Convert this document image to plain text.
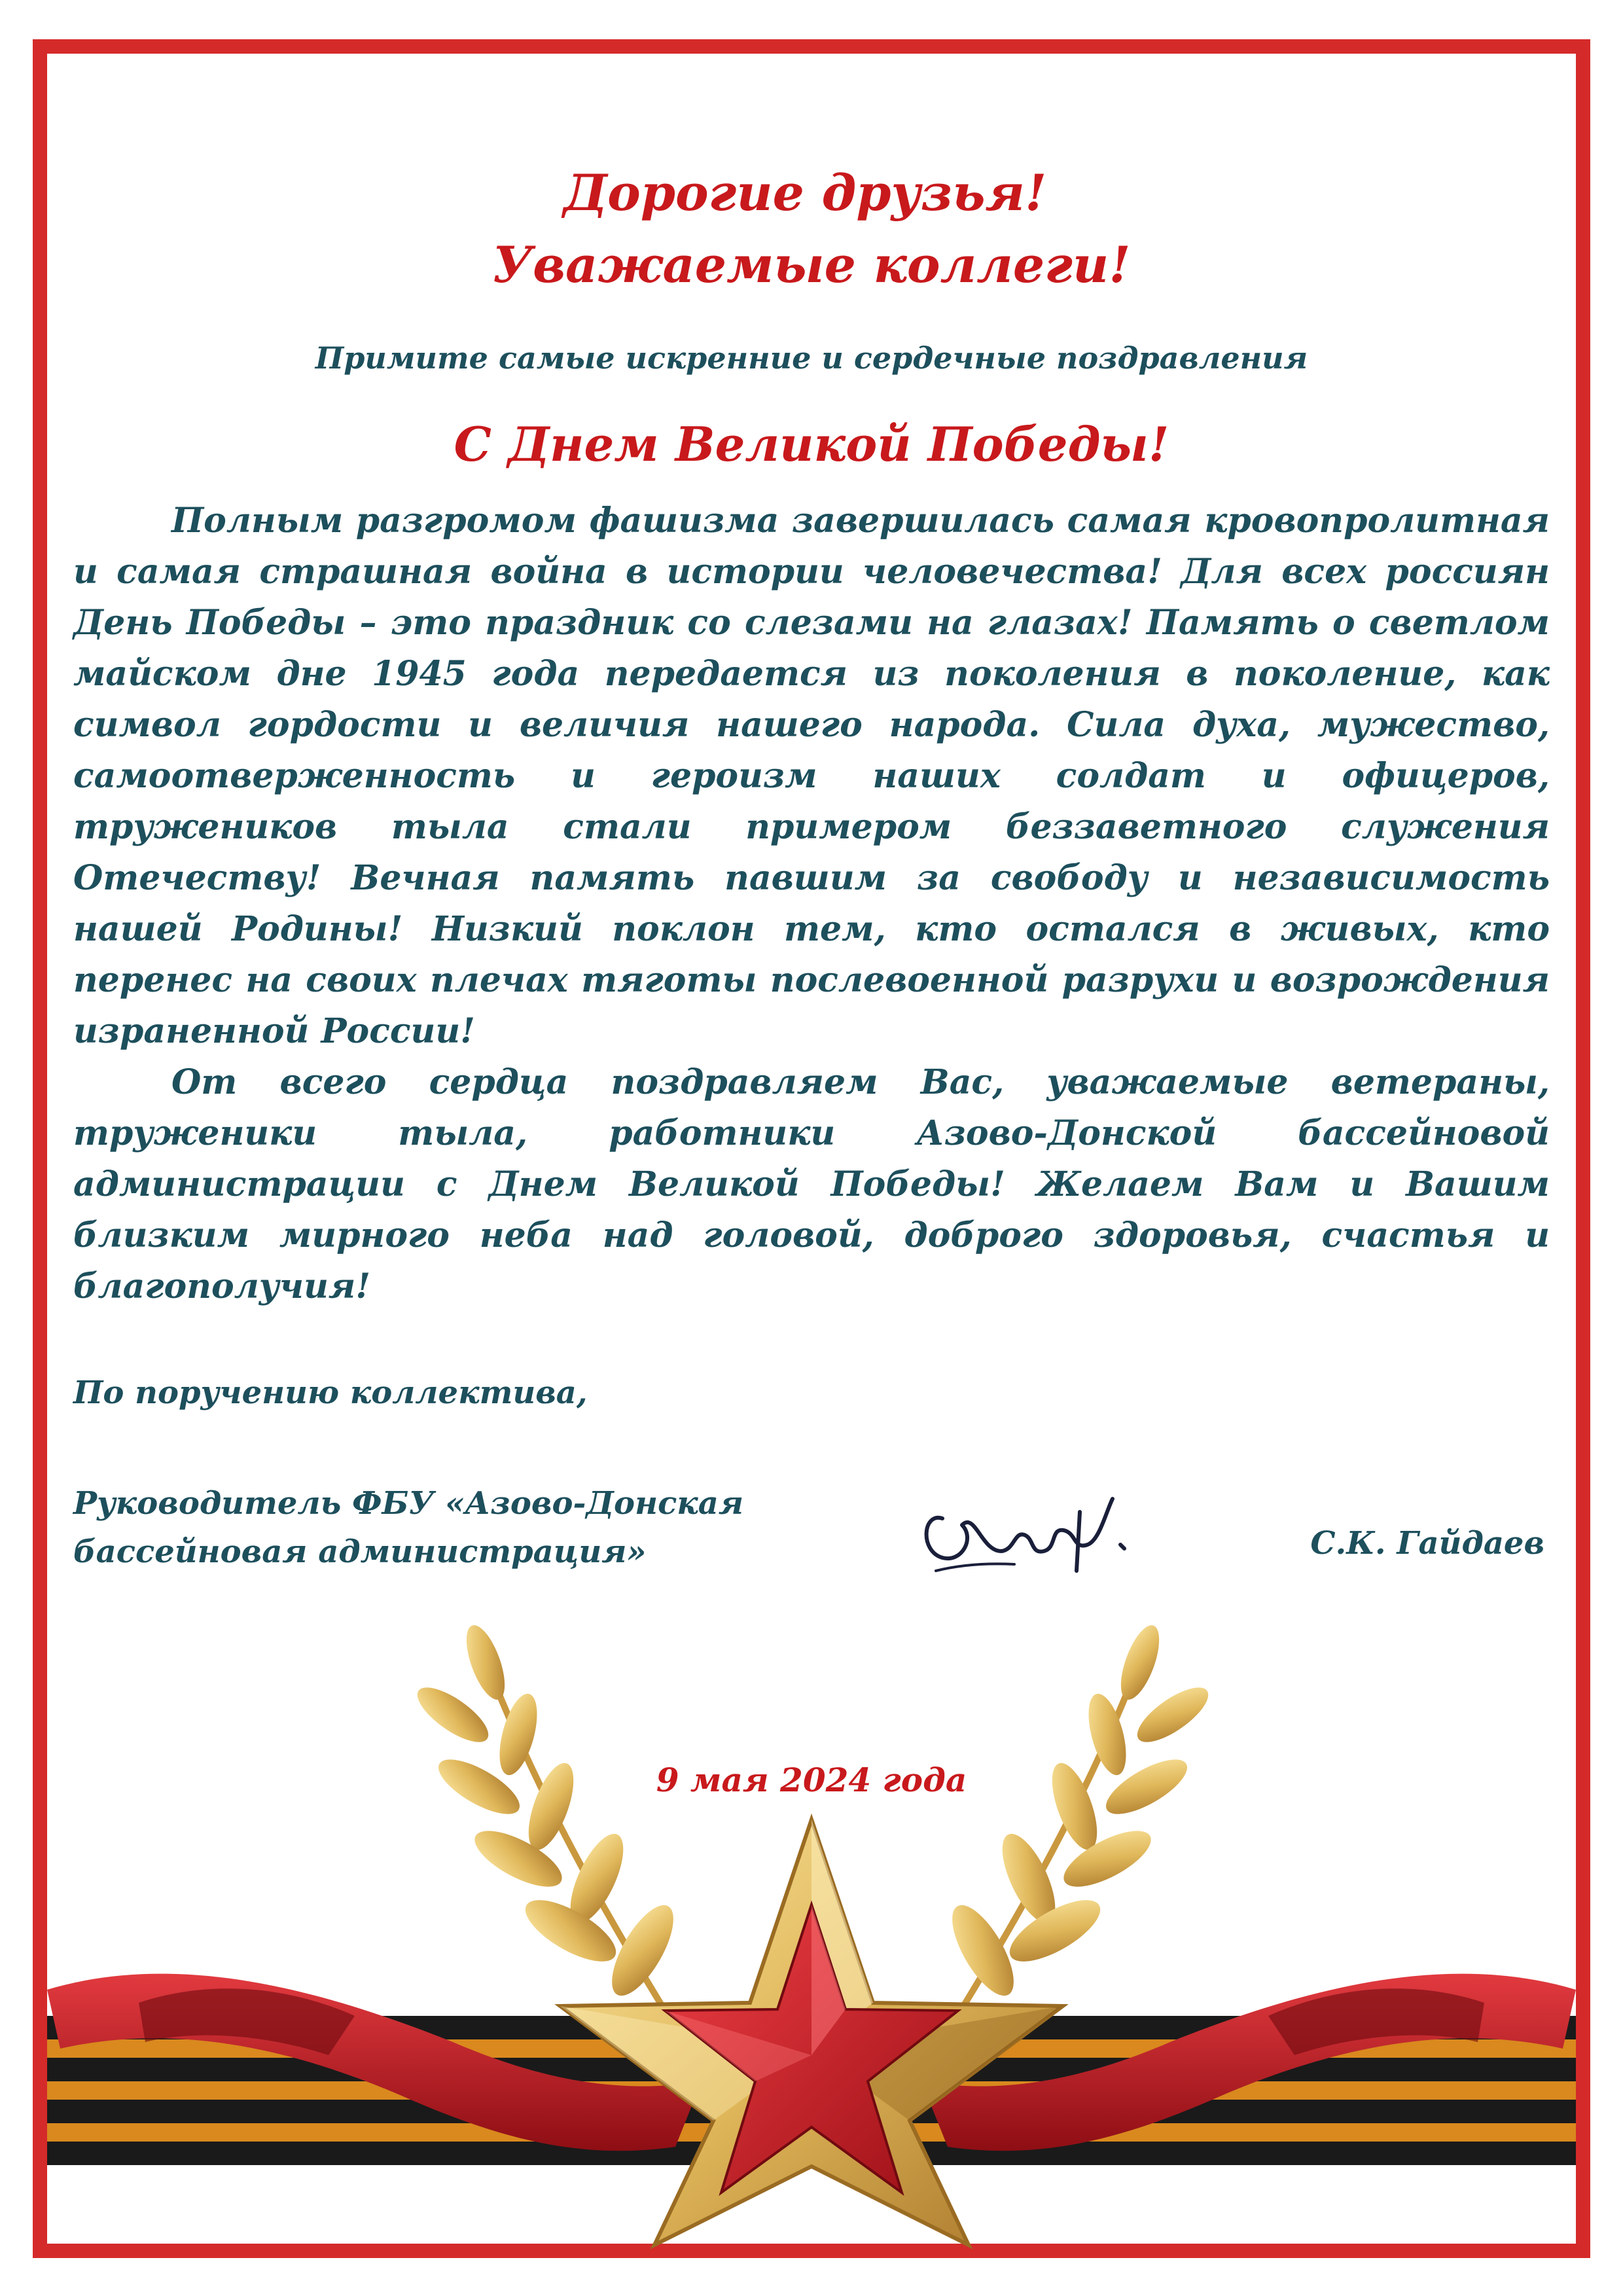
Дорогие друзья!
Уважаемые коллеги!
Примите самые искренние и сердечные поздравления
С Днем Великой Победы!

Полным разгромом фашизма завершилась самая кровопролитная и самая страшная война в истории человечества! Для всех россиян День Победы – это праздник со слезами на глазах! Память о светлом майском дне 1945 года передается из поколения в поколение, как символ гордости и величия нашего народа. Сила духа, мужество, самоотверженность и героизм наших солдат и офицеров, тружеников тыла стали примером беззаветного служения Отечеству! Вечная память павшим за свободу и независимость нашей Родины! Низкий поклон тем, кто остался в живых, кто перенес на своих плечах тяготы послевоенной разрухи и возрождения израненной России!

От всего сердца поздравляем Вас, уважаемые ветераны, труженики тыла, работники Азово-Донской бассейновой администрации с Днем Великой Победы! Желаем Вам и Вашим близким мирного неба над головой, доброго здоровья, счастья и благополучия!

По поручению коллектива,
Руководитель ФБУ «Азово-Донская
бассейновая администрация»	С.К. Гайдаев
9 мая 2024 года
